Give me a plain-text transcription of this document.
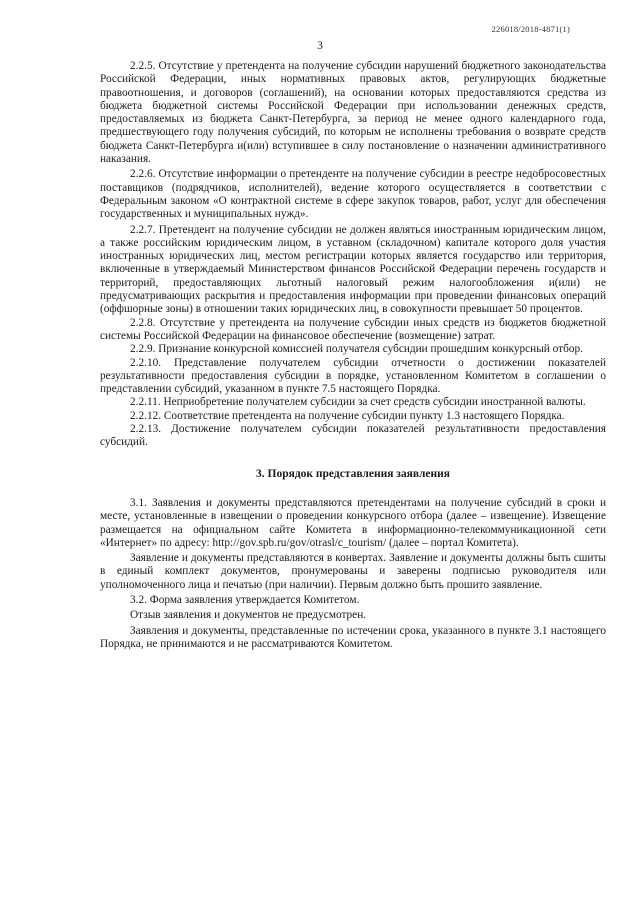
226018/2018-4871(1)
3

2.2.5. Отсутствие у претендента на получение субсидии нарушений бюджетного законодательства Российской Федерации, иных нормативных правовых актов, регулирующих бюджетные правоотношения, и договоров (соглашений), на основании которых предоставляются средства из бюджета бюджетной системы Российской Федерации при использовании денежных средств, предоставляемых из бюджета Санкт-Петербурга, за период не менее одного календарного года, предшествующего году получения субсидий, по которым не исполнены требования о возврате средств бюджета Санкт-Петербурга и(или) вступившее в силу постановление о назначении административного наказания.

2.2.6. Отсутствие информации о претенденте на получение субсидии в реестре недобросовестных поставщиков (подрядчиков, исполнителей), ведение которого осуществляется в соответствии с Федеральным законом «О контрактной системе в сфере закупок товаров, работ, услуг для обеспечения государственных и муниципальных нужд».

2.2.7. Претендент на получение субсидии не должен являться иностранным юридическим лицом, а также российским юридическим лицом, в уставном (складочном) капитале которого доля участия иностранных юридических лиц, местом регистрации которых является государство или территория, включенные в утверждаемый Министерством финансов Российской Федерации перечень государств и территорий, предоставляющих льготный налоговый режим налогообложения и(или) не предусматривающих раскрытия и предоставления информации при проведении финансовых операций (оффшорные зоны) в отношении таких юридических лиц, в совокупности превышает 50 процентов.

2.2.8. Отсутствие у претендента на получение субсидии иных средств из бюджетов бюджетной системы Российской Федерации на финансовое обеспечение (возмещение) затрат.

2.2.9. Признание конкурсной комиссией получателя субсидии прошедшим конкурсный отбор.

2.2.10. Представление получателем субсидии отчетности о достижении показателей результативности предоставления субсидии в порядке, установленном Комитетом в соглашении о представлении субсидий, указанном в пункте 7.5 настоящего Порядка.

2.2.11. Неприобретение получателем субсидии за счет средств субсидии иностранной валюты.

2.2.12. Соответствие претендента на получение субсидии пункту 1.3 настоящего Порядка.

2.2.13. Достижение получателем субсидии показателей результативности предоставления субсидий.

3. Порядок представления заявления

3.1. Заявления и документы представляются претендентами на получение субсидий в сроки и месте, установленные в извещении о проведении конкурсного отбора (далее – извещение). Извещение размещается на официальном сайте Комитета в информационно-телекоммуникационной сети «Интернет» по адресу: http://gov.spb.ru/gov/otrasl/c_tourism/ (далее – портал Комитета).

Заявление и документы представляются в конвертах. Заявление и документы должны быть сшиты в единый комплект документов, пронумерованы и заверены подписью руководителя или уполномоченного лица и печатью (при наличии). Первым должно быть прошито заявление.

3.2. Форма заявления утверждается Комитетом.

Отзыв заявления и документов не предусмотрен.

Заявления и документы, представленные по истечении срока, указанного в пункте 3.1 настоящего Порядка, не принимаются и не рассматриваются Комитетом.
